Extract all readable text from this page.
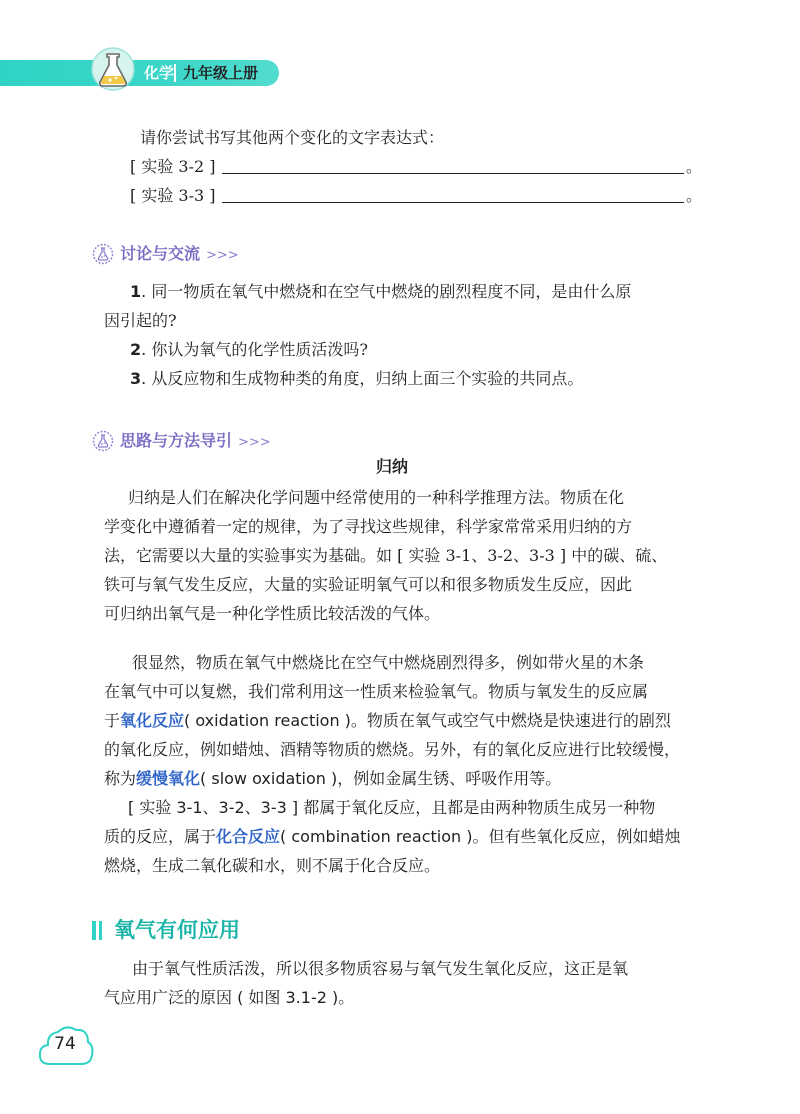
化学 九年级上册
请你尝试书写其他两个变化的文字表达式：
[ 实验 3-2 ]	。
[ 实验 3-3 ]	。
讨论与交流 >>>
1. 同一物质在氧气中燃烧和在空气中燃烧的剧烈程度不同，是由什么原
因引起的?
2. 你认为氧气的化学性质活泼吗?
3. 从反应物和生成物种类的角度，归纳上面三个实验的共同点。
思路与方法导引 >>>
归纳
归纳是人们在解决化学问题中经常使用的一种科学推理方法。物质在化
学变化中遵循着一定的规律，为了寻找这些规律，科学家常常采用归纳的方
法，它需要以大量的实验事实为基础。如 [ 实验 3-1、3-2、3-3 ] 中的碳、硫、
铁可与氧气发生反应，大量的实验证明氧气可以和很多物质发生反应，因此
可归纳出氧气是一种化学性质比较活泼的气体。
很显然，物质在氧气中燃烧比在空气中燃烧剧烈得多，例如带火星的木条
在氧气中可以复燃，我们常利用这一性质来检验氧气。物质与氧发生的反应属
于氧化反应( oxidation reaction )。物质在氧气或空气中燃烧是快速进行的剧烈
的氧化反应，例如蜡烛、酒精等物质的燃烧。另外，有的氧化反应进行比较缓慢，
称为缓慢氧化( slow oxidation )，例如金属生锈、呼吸作用等。
[ 实验 3-1、3-2、3-3 ] 都属于氧化反应，且都是由两种物质生成另一种物
质的反应，属于化合反应( combination reaction )。但有些氧化反应，例如蜡烛
燃烧，生成二氧化碳和水，则不属于化合反应。
氧气有何应用
由于氧气性质活泼，所以很多物质容易与氧气发生氧化反应，这正是氧
气应用广泛的原因 ( 如图 3.1-2 )。
74
